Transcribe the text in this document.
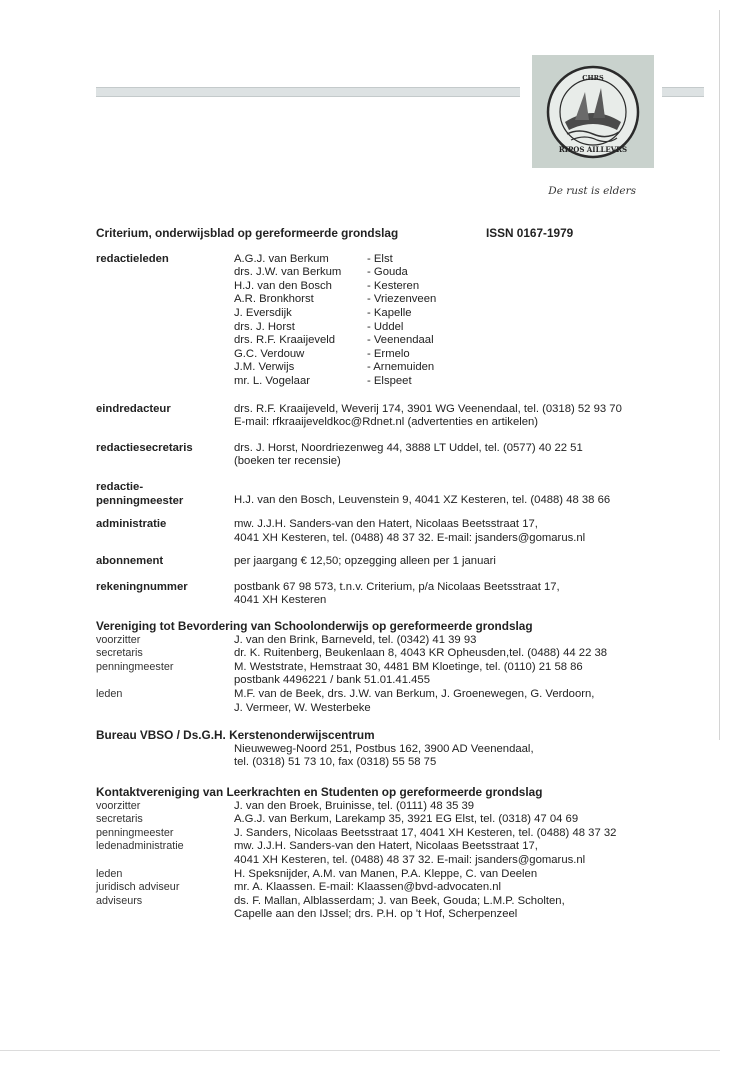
CHRS
RIPOS AILLEVRS
De rust is elders
Criterium, onderwijsblad op gereformeerde grondslag	ISSN 0167-1979
redactieleden	A.G.J. van Berkum	- Elst
drs. J.W. van Berkum	- Gouda
H.J. van den Bosch	- Kesteren
A.R. Bronkhorst	- Vriezenveen
J. Eversdijk	- Kapelle
drs. J. Horst	- Uddel
drs. R.F. Kraaijeveld	- Veenendaal
G.C. Verdouw	- Ermelo
J.M. Verwijs	- Arnemuiden
mr. L. Vogelaar	- Elspeet
eindredacteur	drs. R.F. Kraaijeveld, Weverij 174, 3901 WG Veenendaal, tel. (0318) 52 93 70
E-mail: rfkraaijeveldkoc@Rdnet.nl (advertenties en artikelen)
redactiesecretaris	drs. J. Horst, Noordriezenweg 44, 3888 LT Uddel, tel. (0577) 40 22 51
(boeken ter recensie)
redactie-
penningmeester	H.J. van den Bosch, Leuvenstein 9, 4041 XZ Kesteren, tel. (0488) 48 38 66
administratie	mw. J.J.H. Sanders-van den Hatert, Nicolaas Beetsstraat 17,
4041 XH Kesteren, tel. (0488) 48 37 32. E-mail: jsanders@gomarus.nl
abonnement	per jaargang € 12,50; opzegging alleen per 1 januari
rekeningnummer	postbank 67 98 573, t.n.v. Criterium, p/a Nicolaas Beetsstraat 17,
4041 XH Kesteren
Vereniging tot Bevordering van Schoolonderwijs op gereformeerde grondslag
voorzitter	J. van den Brink, Barneveld, tel. (0342) 41 39 93
secretaris	dr. K. Ruitenberg, Beukenlaan 8, 4043 KR Opheusden,tel. (0488) 44 22 38
penningmeester	M. Weststrate, Hemstraat 30, 4481 BM Kloetinge, tel. (0110) 21 58 86
postbank 4496221 / bank 51.01.41.455
leden	M.F. van de Beek, drs. J.W. van Berkum, J. Groenewegen, G. Verdoorn,
J. Vermeer, W. Westerbeke
Bureau VBSO / Ds.G.H. Kerstenonderwijscentrum
Nieuweweg-Noord 251, Postbus 162, 3900 AD Veenendaal,
tel. (0318) 51 73 10, fax (0318) 55 58 75
Kontaktvereniging van Leerkrachten en Studenten op gereformeerde grondslag
voorzitter	J. van den Broek, Bruinisse, tel. (0111) 48 35 39
secretaris	A.G.J. van Berkum, Larekamp 35, 3921 EG Elst, tel. (0318) 47 04 69
penningmeester	J. Sanders, Nicolaas Beetsstraat 17, 4041 XH Kesteren, tel. (0488) 48 37 32
ledenadministratie	mw. J.J.H. Sanders-van den Hatert, Nicolaas Beetsstraat 17,
4041 XH Kesteren, tel. (0488) 48 37 32. E-mail: jsanders@gomarus.nl
leden	H. Speksnijder, A.M. van Manen, P.A. Kleppe, C. van Deelen
juridisch adviseur	mr. A. Klaassen. E-mail: Klaassen@bvd-advocaten.nl
adviseurs	ds. F. Mallan, Alblasserdam; J. van Beek, Gouda; L.M.P. Scholten,
Capelle aan den IJssel; drs. P.H. op 't Hof, Scherpenzeel
